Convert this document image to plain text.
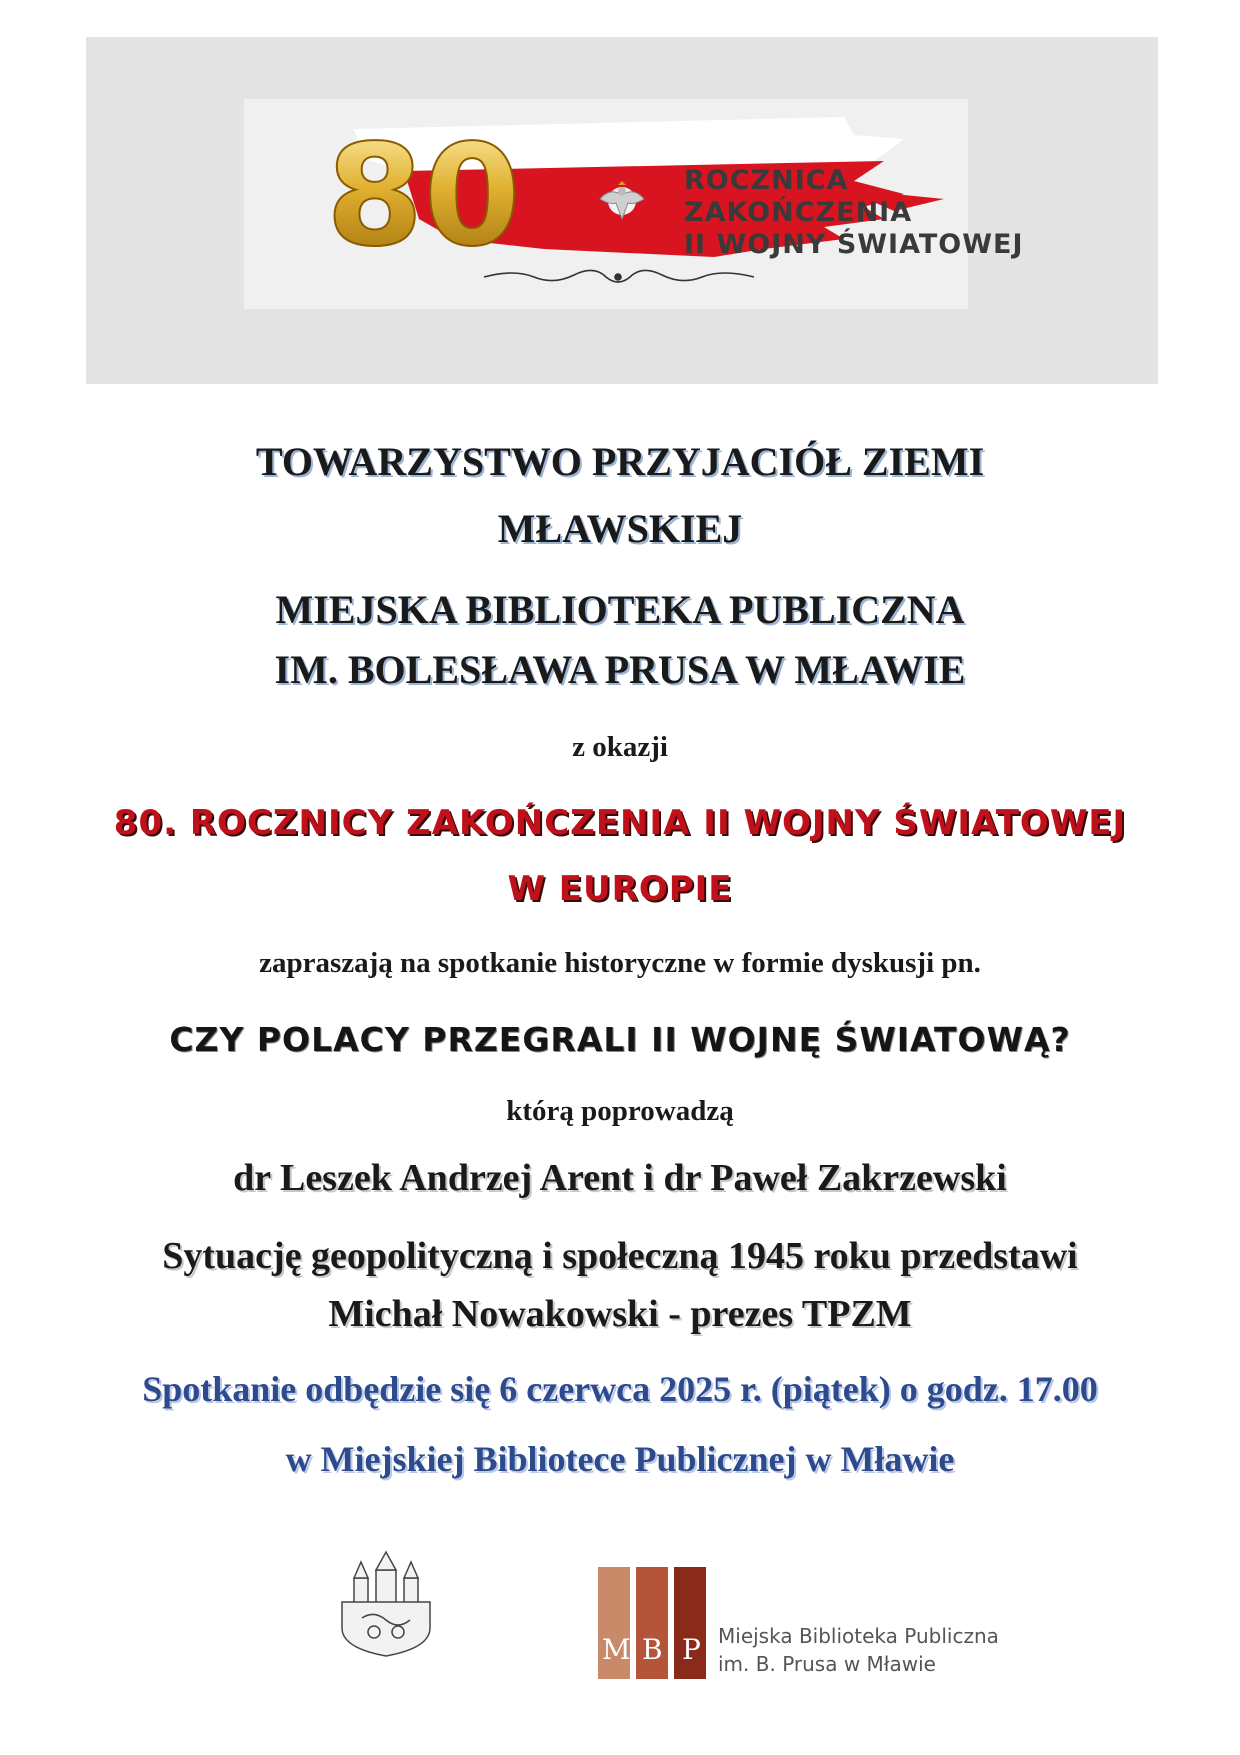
80	ROCZNICA
ZAKOŃCZENIA
II WOJNY ŚWIATOWEJ
TOWARZYSTWO PRZYJACIÓŁ ZIEMI
MŁAWSKIEJ
MIEJSKA BIBLIOTEKA PUBLICZNA
IM. BOLESŁAWA PRUSA W MŁAWIE
z okazji
80. ROCZNICY ZAKOŃCZENIA II WOJNY ŚWIATOWEJ
W EUROPIE
zapraszają na spotkanie historyczne w formie dyskusji pn.
CZY POLACY PRZEGRALI II WOJNĘ ŚWIATOWĄ?
którą poprowadzą
dr Leszek Andrzej Arent i dr Paweł Zakrzewski
Sytuację geopolityczną i społeczną 1945 roku przedstawi
Michał Nowakowski - prezes TPZM
Spotkanie odbędzie się 6 czerwca 2025 r. (piątek) o godz. 17.00
w Miejskiej Bibliotece Publicznej w Mławie
M B P Miejska Biblioteka Publiczna
im. B. Prusa w Mławie
